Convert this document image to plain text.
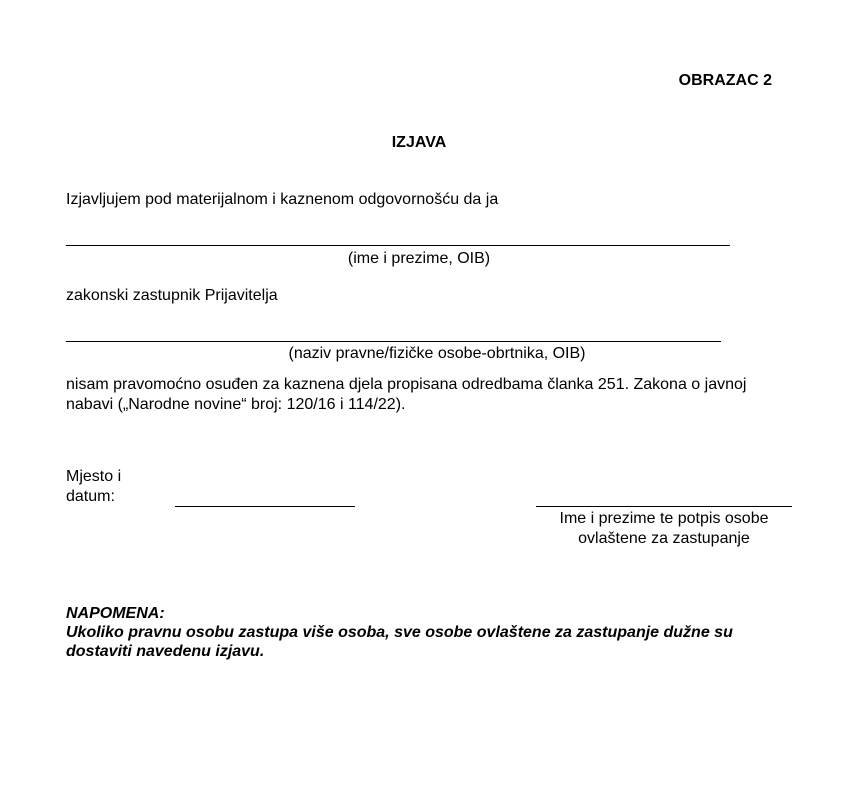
OBRAZAC 2
IZJAVA
Izjavljujem pod materijalnom i kaznenom odgovornošću da ja
(ime i prezime, OIB)
zakonski zastupnik Prijavitelja
(naziv pravne/fizičke osobe-obrtnika, OIB)
nisam pravomoćno osuđen za kaznena djela propisana odredbama članka 251. Zakona o javnoj nabavi („Narodne novine“ broj: 120/16 i 114/22).
Mjesto i
datum:
Ime i prezime te potpis osobe
ovlaštene za zastupanje
NAPOMENA:
Ukoliko pravnu osobu zastupa više osoba, sve osobe ovlaštene za zastupanje dužne su dostaviti navedenu izjavu.
